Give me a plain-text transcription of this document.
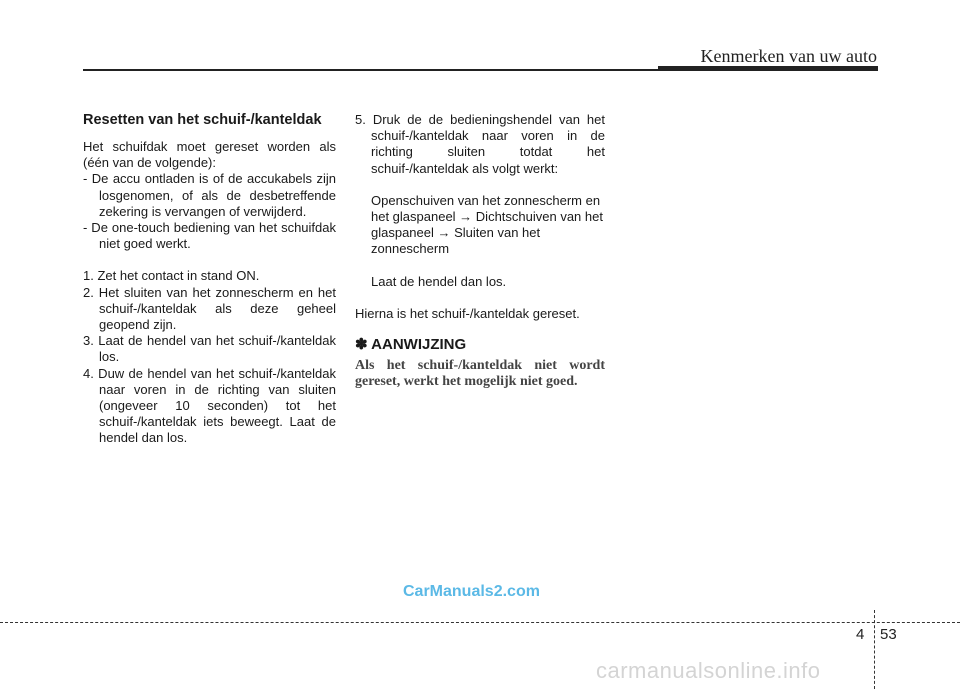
Kenmerken van uw auto
Resetten van het schuif-/kanteldak

Het schuifdak moet gereset worden als (één van de volgende):

- De accu ontladen is of de accukabels zijn losgenomen, of als de desbetreffende zekering is vervangen of verwijderd.

- De one-touch bediening van het schuifdak niet goed werkt.

1. Zet het contact in stand ON.

2. Het sluiten van het zonnescherm en het schuif-/kanteldak als deze geheel geopend zijn.

3. Laat de hendel van het schuif-/kanteldak los.

4. Duw de hendel van het schuif-/kanteldak naar voren in de richting van sluiten (ongeveer 10 seconden) tot het schuif-/kanteldak iets beweegt. Laat de hendel dan los.

5. Druk de de bedieningshendel van het schuif-/kanteldak naar voren in de richting sluiten totdat het schuif-/kanteldak als volgt werkt:

Openschuiven van het zonnescherm en het glaspaneel → Dichtschuiven van het glaspaneel → Sluiten van het zonnescherm

Laat de hendel dan los.

Hierna is het schuif-/kanteldak gereset.

✽ AANWIJZING
Als het schuif-/kanteldak niet wordt gereset, werkt het mogelijk niet goed.
CarManuals2.com
4 53
carmanualsonline.info
